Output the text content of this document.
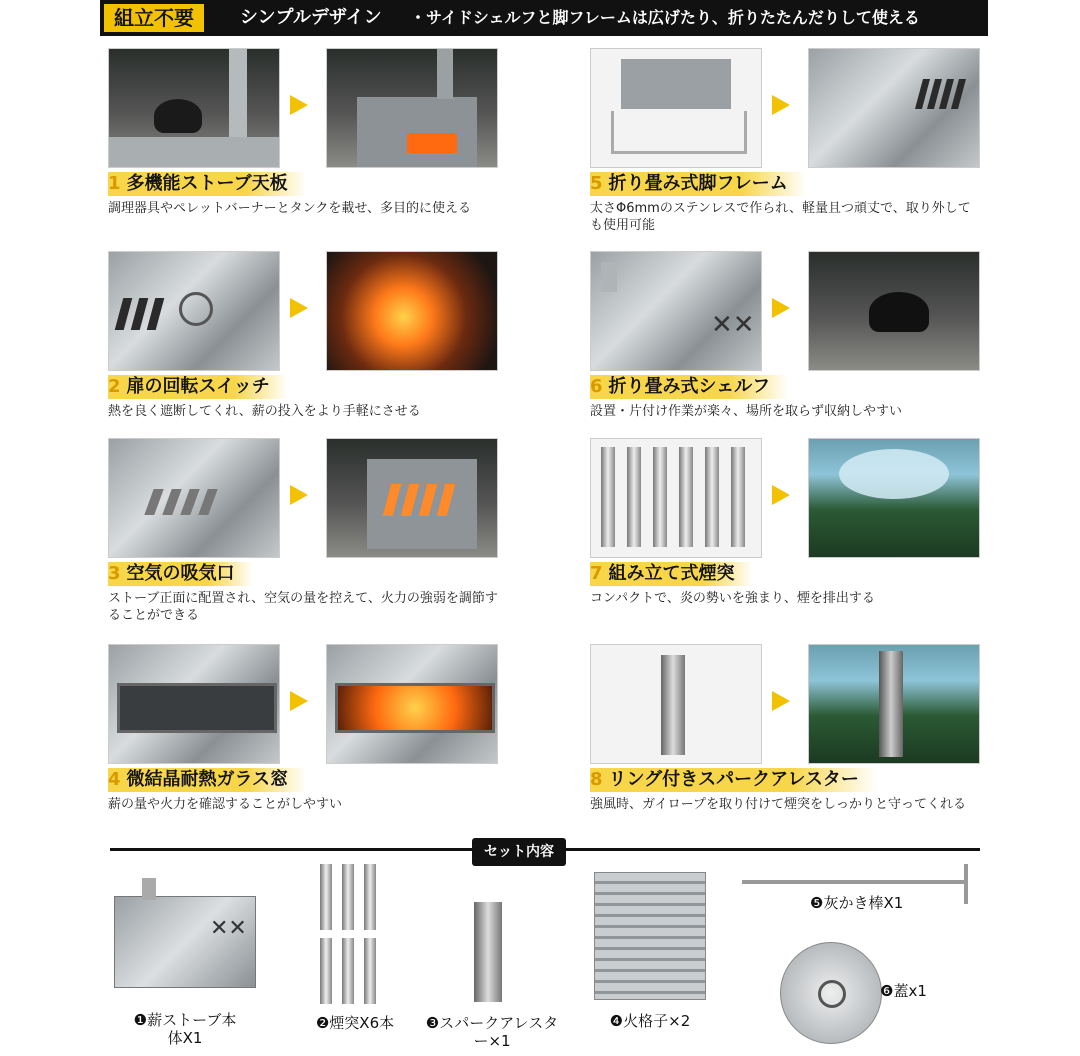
組立不要	シンプルデザイン ・サイドシェルフと脚フレームは広げたり、折りたたんだりして使える
1 多機能ストーブ天板
調理器具やペレットバーナーとタンクを載せ、多目的に使える
2 扉の回転スイッチ
熱を良く遮断してくれ、薪の投入をより手軽にさせる
3 空気の吸気口
ストーブ正面に配置され、空気の量を控えて、火力の強弱を調節することができる
4 微結晶耐熱ガラス窓
薪の量や火力を確認することがしやすい
5 折り畳み式脚フレーム
太さΦ6mmのステンレスで作られ、軽量且つ頑丈で、取り外しても使用可能
✕✕
6 折り畳み式シェルフ
設置・片付け作業が楽々、場所を取らず収納しやすい
7 組み立て式煙突
コンパクトで、炎の勢いを強まり、煙を排出する
8 リング付きスパークアレスター
強風時、ガイロープを取り付けて煙突をしっかりと守ってくれる
セット内容
✕✕
❶薪ストーブ本体X1
❷煙突X6本	❸スパークアレスター×1
❹火格子×2
❺灰かき棒X1
❻蓋x1
